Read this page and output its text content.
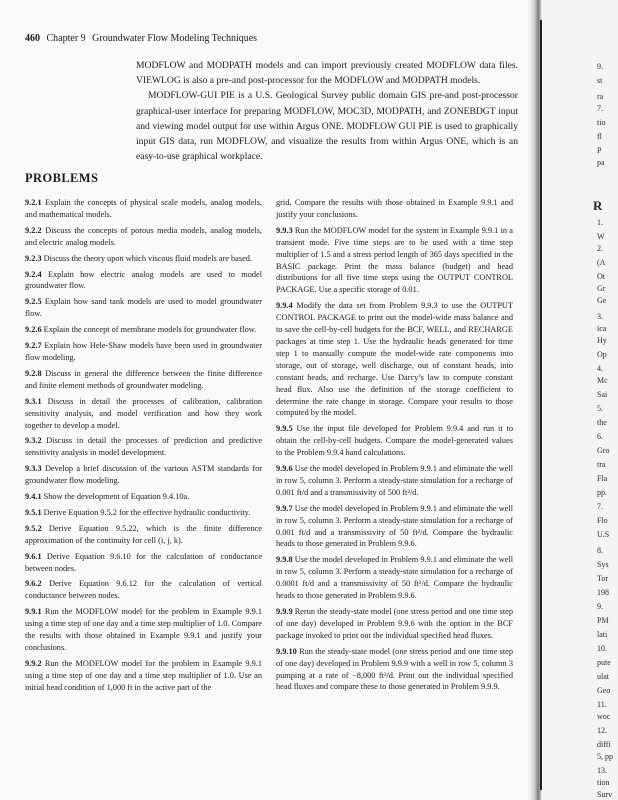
460 Chapter 9 Groundwater Flow Modeling Techniques

MODFLOW and MODPATH models and can import previously created MODFLOW data files. VIEWLOG is also a pre-and post-processor for the MODFLOW and MODPATH models.

MODFLOW-GUI PIE is a U.S. Geological Survey public domain GIS pre-and post-processor graphical-user interface for preparing MODFLOW, MOC3D, MODPATH, and ZONEBDGT input and viewing model output for use within Argus ONE. MODFLOW GUI PIE is used to graphically input GIS data, run MODFLOW, and visualize the results from within Argus ONE, which is an easy-to-use graphical workplace.

PROBLEMS

9.2.1 Explain the concepts of physical scale models, analog models, and mathematical models.

9.2.2 Discuss the concepts of porous media models, analog models, and electric analog models.

9.2.3 Discuss the theory upon which viscous fluid models are based.

9.2.4 Explain how electric analog models are used to model groundwater flow.

9.2.5 Explain how sand tank models are used to model groundwater flow.

9.2.6 Explain the concept of membrane models for groundwater flow.

9.2.7 Explain how Hele-Shaw models have been used in groundwater flow modeling.

9.2.8 Discuss in general the difference between the finite difference and finite element methods of groundwater modeling.

9.3.1 Discuss in detail the processes of calibration, calibration sensitivity analysis, and model verification and how they work together to develop a model.

9.3.2 Discuss in detail the processes of prediction and predictive sensitivity analysis in model development.

9.3.3 Develop a brief discussion of the various ASTM standards for groundwater flow modeling.

9.4.1 Show the development of Equation 9.4.10a.

9.5.1 Derive Equation 9.5.2 for the effective hydraulic conductivity.

9.5.2 Derive Equation 9.5.22, which is the finite difference approximation of the continuity for cell (i, j, k).

9.6.1 Derive Equation 9.6.10 for the calculation of conductance between nodes.

9.6.2 Derive Equation 9.6.12 for the calculation of vertical conductance between nodes.

9.9.1 Run the MODFLOW model for the problem in Example 9.9.1 using a time step of one day and a time step multiplier of 1.0. Compare the results with those obtained in Example 9.9.1 and justify your conclusions.

9.9.2 Run the MODFLOW model for the problem in Example 9.9.1 using a time step of one day and a time step multiplier of 1.0. Use an initial head condition of 1,000 ft in the active part of the

grid. Compare the results with those obtained in Example 9.9.1 and justify your conclusions.

9.9.3 Run the MODFLOW model for the system in Example 9.9.1 in a transient mode. Five time steps are to be used with a time step multiplier of 1.5 and a stress period length of 365 days specified in the BASIC package. Print the mass balance (budget) and head distributions for all five time steps using the OUTPUT CONTROL PACKAGE. Use a specific storage of 0.01.

9.9.4 Modify the data set from Problem 9.9.3 to use the OUTPUT CONTROL PACKAGE to print out the model-wide mass balance and to save the cell-by-cell budgets for the BCF, WELL, and RECHARGE packages at time step 1. Use the hydraulic heads generated for time step 1 to manually compute the model-wide rate components into storage, out of storage, well discharge, out of constant heads, into constant heads, and recharge. Use Darcy’s law to compute constant head flux. Also use the definition of the storage coefficient to determine the rate change in storage. Compare your results to those computed by the model.

9.9.5 Use the input file developed for Problem 9.9.4 and run it to obtain the cell-by-cell budgets. Compare the model-generated values to the Problem 9.9.4 hand calculations.

9.9.6 Use the model developed in Problem 9.9.1 and eliminate the well in row 5, column 3. Perform a steady-state simulation for a recharge of 0.001 ft/d and a transmissivity of 500 ft²/d.

9.9.7 Use the model developed in Problem 9.9.1 and eliminate the well in row 5, column 3. Perform a steady-state simulation for a recharge of 0.001 ft/d and a transmissivity of 50 ft²/d. Compare the hydraulic heads to those generated in Problem 9.9.6.

9.9.8 Use the model developed in Problem 9.9.1 and eliminate the well in row 5, column 3. Perform a steady-state simulation for a recharge of 0.0001 ft/d and a transmissivity of 50 ft²/d. Compare the hydraulic heads to those generated in Problem 9.9.6.

9.9.9 Rerun the steady-state model (one stress period and one time step of one day) developed in Problem 9.9.6 with the option in the BCF package invoked to print out the individual specified head fluxes.

9.9.10 Run the steady-state model (one stress period and one time step of one day) developed in Problem 9.9.9 with a well in row 5, column 3 pumping at a rate of −8,000 ft³/d. Print out the individual specified head fluxes and compare these to those generated in Problem 9.9.9.

9.
st
ra
7.
tio
fl
P
pa
R
1.
W
2.
(A
Ot
Gr
Ge
3.
ica
Hy
Op
4.
Mc
Sai
5.
the
6.
Gro
tra
Fla
pp.
7.
Flo
U.S
8.
Sys
Tor
198
9.
PM
lati
10.
pute
ulat
Geo
11.
woc
12.
diffi
5, pp
13.
tion
Surv
